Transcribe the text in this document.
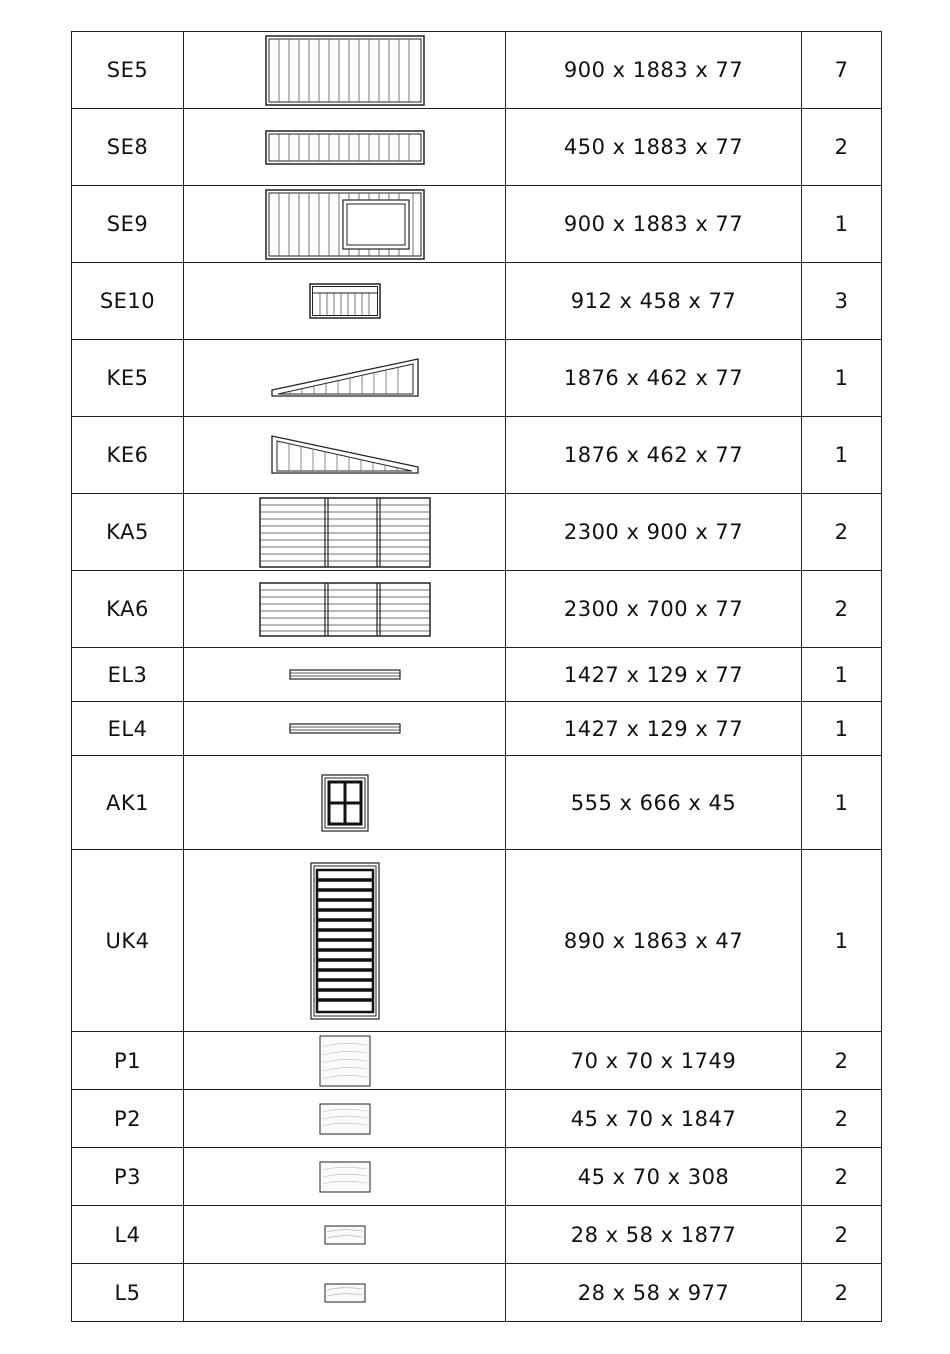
SE5		900 x 1883 x 77	7
SE8		450 x 1883 x 77	2
SE9		900 x 1883 x 77	1
SE10		912 x 458 x 77	3
KE5		1876 x 462 x 77	1
KE6		1876 x 462 x 77	1
KA5		2300 x 900 x 77	2
KA6		2300 x 700 x 77	2
EL3		1427 x 129 x 77	1
EL4		1427 x 129 x 77	1
AK1		555 x 666 x 45	1
UK4		890 x 1863 x 47	1
P1		70 x 70 x 1749	2
P2		45 x 70 x 1847	2
P3		45 x 70 x 308	2
L4		28 x 58 x 1877	2
L5		28 x 58 x 977	2
